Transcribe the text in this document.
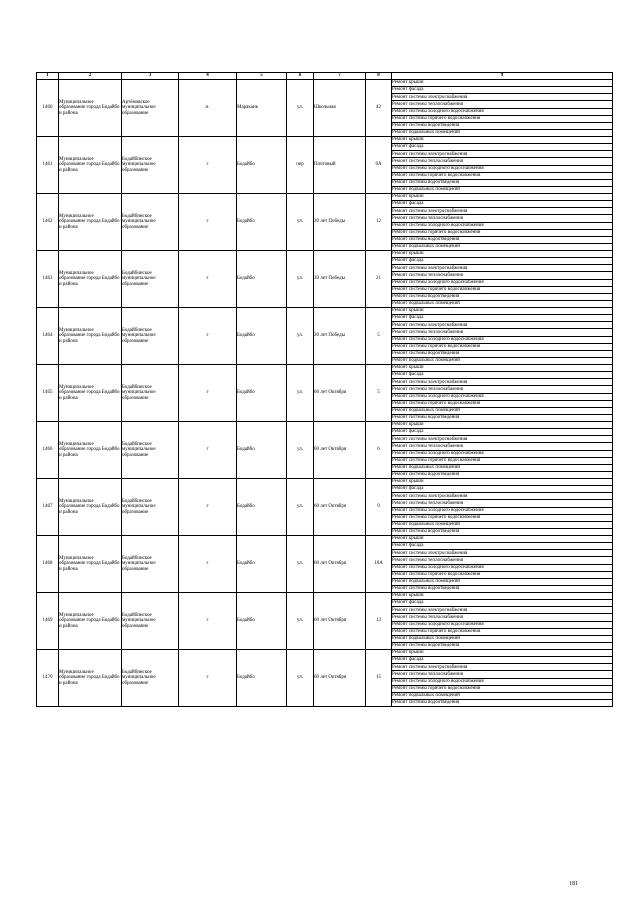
1	2	3	4	5	6	7	8	9
1460	Муниципальное образование города Бодайбо и района	Артёмовское муниципальное образование	п.	Мараканк	ул.	Школьная	42	Ремонт крыши
								Ремонт фасада
								Ремонт системы электроснабжения
								Ремонт системы теплоснабжения
								Ремонт системы холодного водоснабжения
								Ремонт системы горячего водоснабжения
								Ремонт системы водоотведения
								Ремонт подвальных помещений
1461	Муниципальное образование города Бодайбо и района	Бодайбинское муниципальное образование	г	Бодайбо	пер	Почтовый	6А	Ремонт крыши
								Ремонт фасада
								Ремонт системы электроснабжения
								Ремонт системы теплоснабжения
								Ремонт системы холодного водоснабжения
								Ремонт системы горячего водоснабжения
								Ремонт системы водоотведения
								Ремонт подвальных помещений
1462	Муниципальное образование города Бодайбо и района	Бодайбинское муниципальное образование	г	Бодайбо	ул.	30 лет Победы	12	Ремонт крыши
								Ремонт фасада
								Ремонт системы электроснабжения
								Ремонт системы теплоснабжения
								Ремонт системы холодного водоснабжения
								Ремонт системы горячего водоснабжения
								Ремонт системы водоотведения
								Ремонт подвальных помещений
1463	Муниципальное образование города Бодайбо и района	Бодайбинское муниципальное образование	г	Бодайбо	ул.	30 лет Победы	21	Ремонт крыши
								Ремонт фасада
								Ремонт системы электроснабжения
								Ремонт системы теплоснабжения
								Ремонт системы холодного водоснабжения
								Ремонт системы горячего водоснабжения
								Ремонт системы водоотведения
								Ремонт подвальных помещений
1464	Муниципальное образование города Бодайбо и района	Бодайбинское муниципальное образование	г	Бодайбо	ул.	30 лет Победы	5	Ремонт крыши
								Ремонт фасада
								Ремонт системы электроснабжения
								Ремонт системы теплоснабжения
								Ремонт системы холодного водоснабжения
								Ремонт системы горячего водоснабжения
								Ремонт системы водоотведения
								Ремонт подвальных помещений
1465	Муниципальное образование города Бодайбо и района	Бодайбинское муниципальное образование	г	Бодайбо	ул.	60 лет Октября	5	Ремонт крыши
								Ремонт фасада
								Ремонт системы электроснабжения
								Ремонт системы теплоснабжения
								Ремонт системы холодного водоснабжения
								Ремонт системы горячего водоснабжения
								Ремонт подвальных помещений
								Ремонт системы водоотведения
1466	Муниципальное образование города Бодайбо и района	Бодайбинское муниципальное образование	г	Бодайбо	ул.	60 лет Октября	6	Ремонт крыши
								Ремонт фасада
								Ремонт системы электроснабжения
								Ремонт системы теплоснабжения
								Ремонт системы холодного водоснабжения
								Ремонт системы горячего водоснабжения
								Ремонт подвальных помещений
								Ремонт системы водоотведения
1467	Муниципальное образование города Бодайбо и района	Бодайбинское муниципальное образование	г	Бодайбо	ул.	60 лет Октября	9	Ремонт крыши
								Ремонт фасада
								Ремонт системы электроснабжения
								Ремонт системы теплоснабжения
								Ремонт системы холодного водоснабжения
								Ремонт системы горячего водоснабжения
								Ремонт подвальных помещений
								Ремонт системы водоотведения
1468	Муниципальное образование города Бодайбо и района	Бодайбинское муниципальное образование	г	Бодайбо	ул.	60 лет Октября	10А	Ремонт крыши
								Ремонт фасада
								Ремонт системы электроснабжения
								Ремонт системы теплоснабжения
								Ремонт системы холодного водоснабжения
								Ремонт системы горячего водоснабжения
								Ремонт подвальных помещений
								Ремонт системы водоотведения
1469	Муниципальное образование города Бодайбо и района	Бодайбинское муниципальное образование	г	Бодайбо	ул.	60 лет Октября	13	Ремонт крыши
								Ремонт фасада
								Ремонт системы электроснабжения
								Ремонт системы теплоснабжения
								Ремонт системы холодного водоснабжения
								Ремонт системы горячего водоснабжения
								Ремонт подвальных помещений
								Ремонт системы водоотведения
1470	Муниципальное образование города Бодайбо и района	Бодайбинское муниципальное образование	г	Бодайбо	ул.	60 лет Октября	15	Ремонт крыши
								Ремонт фасада
								Ремонт системы электроснабжения
								Ремонт системы теплоснабжения
								Ремонт системы холодного водоснабжения
								Ремонт системы горячего водоснабжения
								Ремонт подвальных помещений
								Ремонт системы водоотведения
181
